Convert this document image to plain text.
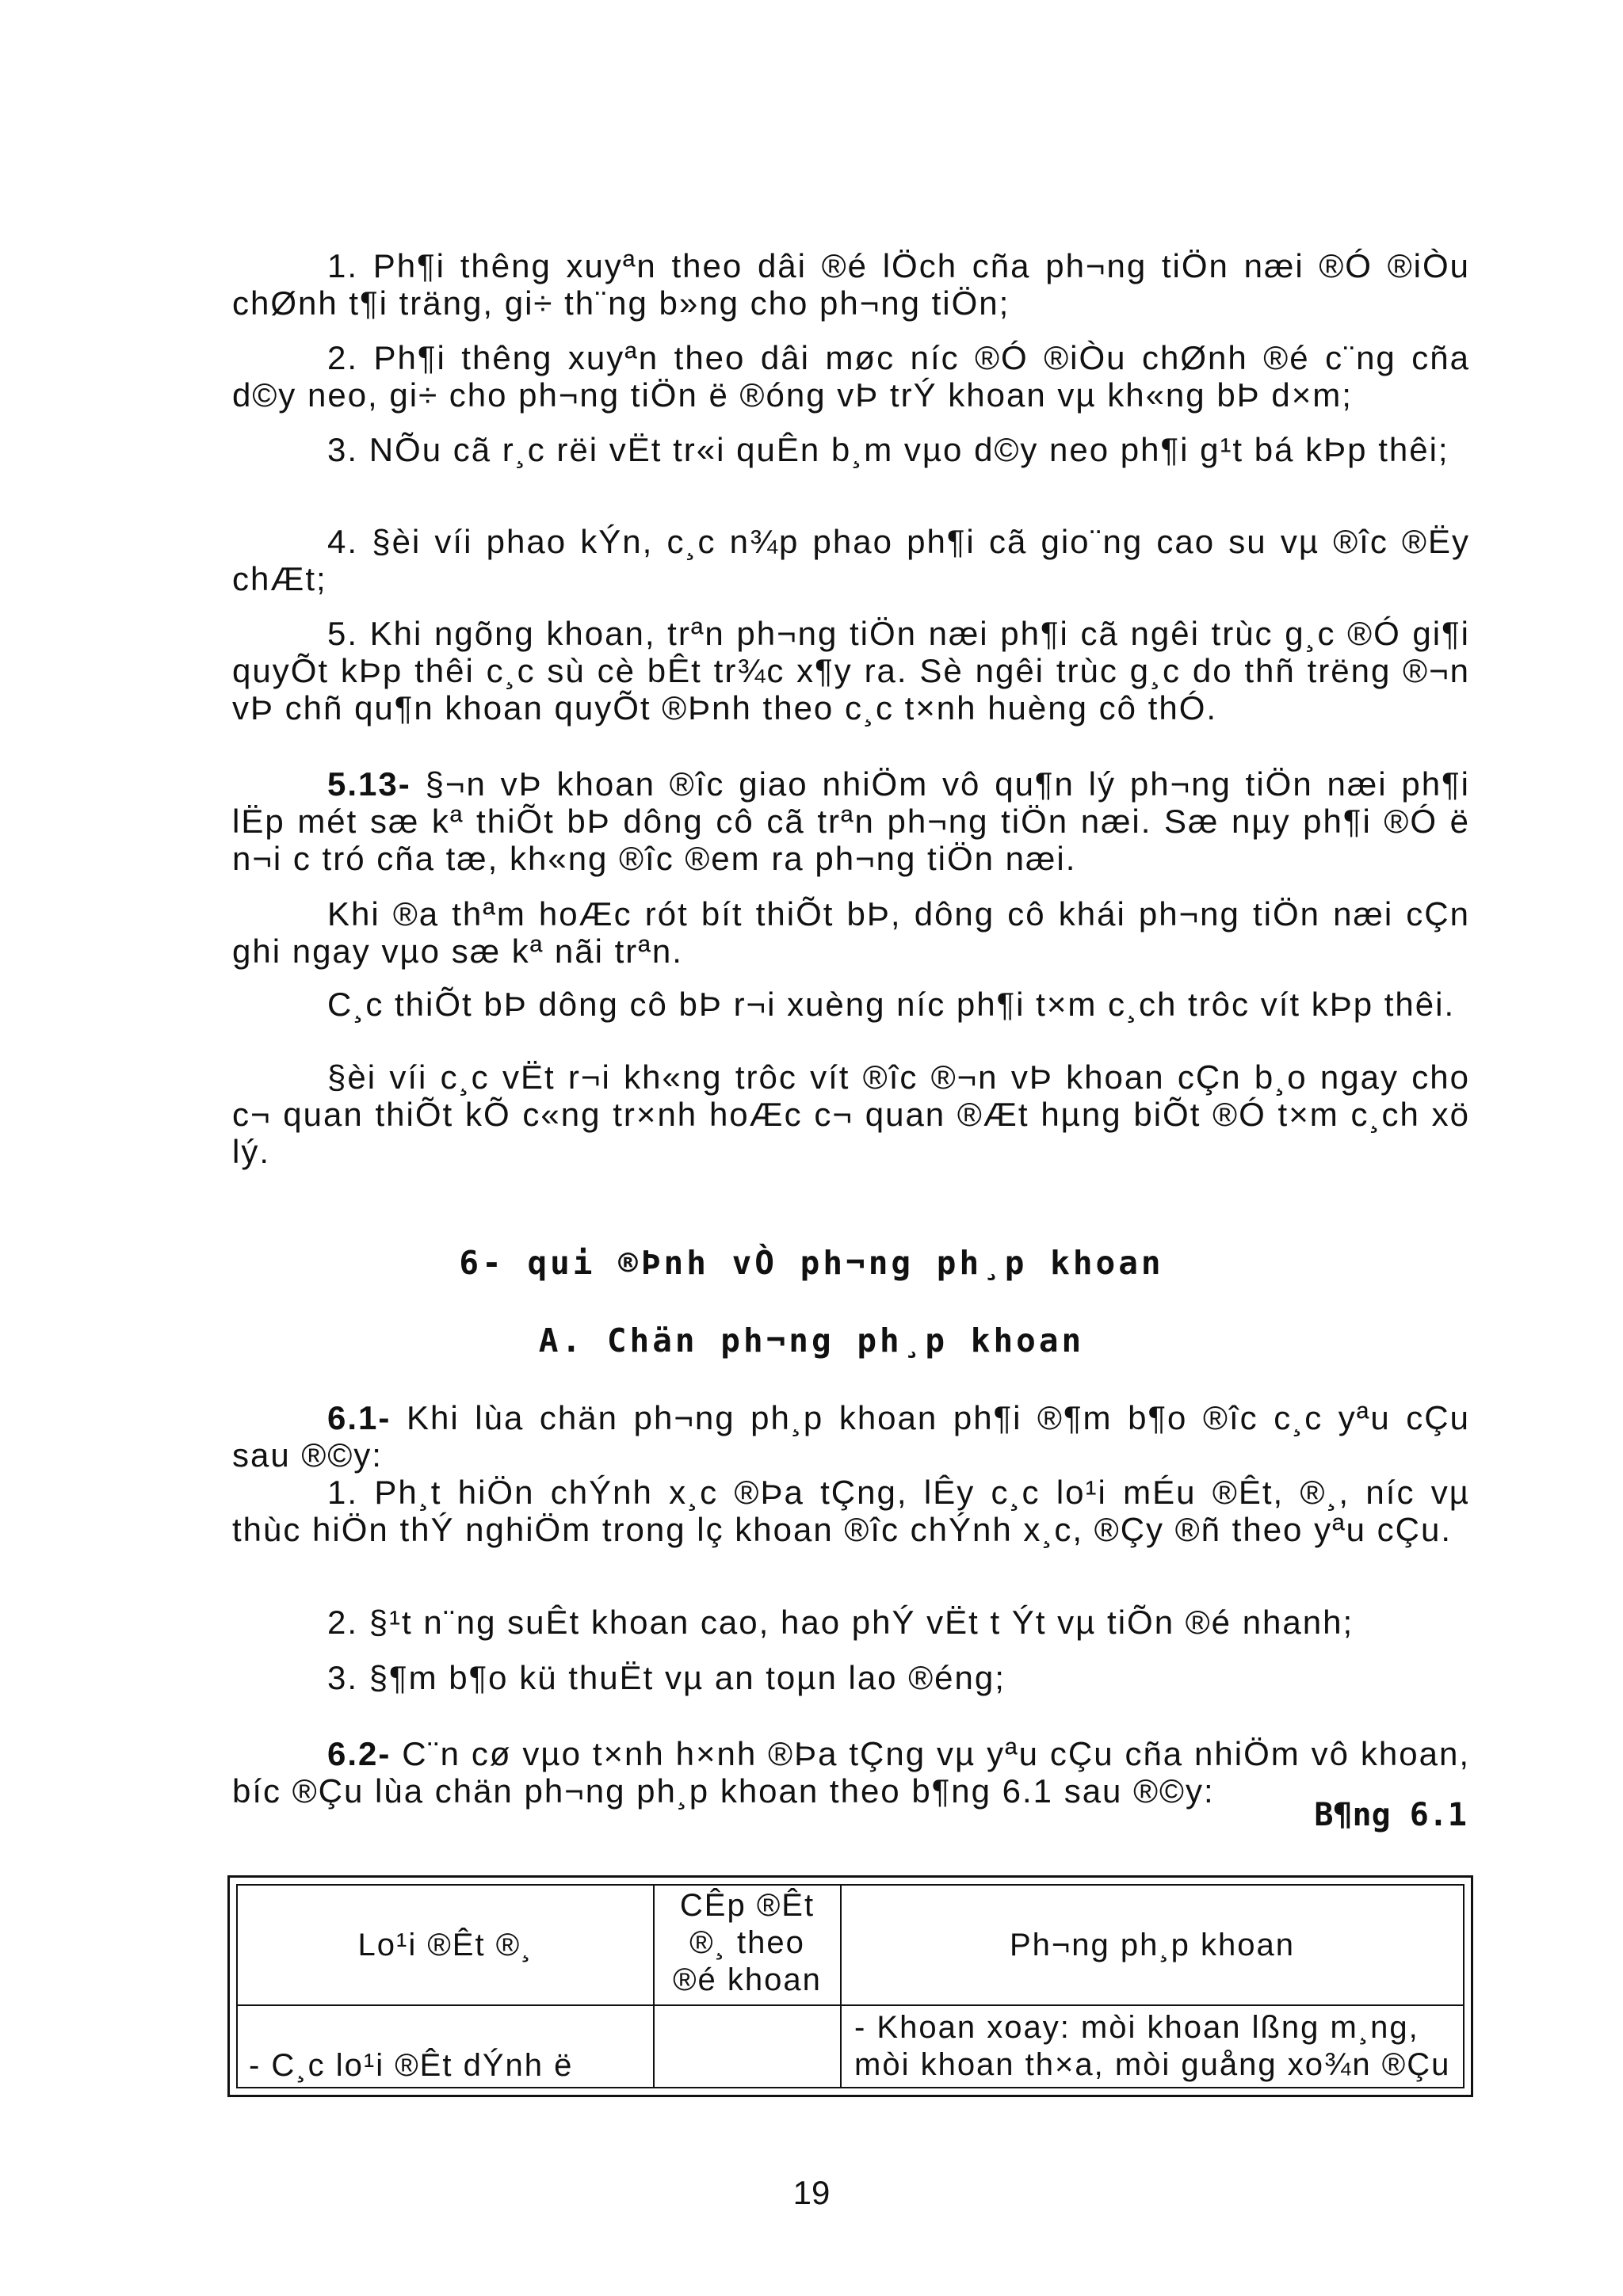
1. Ph¶i thêng xuyªn theo dâi ®é lÖch cña ph¬ng tiÖn næi ®Ó ®iÒu chØnh t¶i träng, gi÷ th¨ng b»ng cho ph¬ng tiÖn;
2. Ph¶i thêng xuyªn theo dâi møc níc ®Ó ®iÒu chØnh ®é c¨ng cña d©y neo, gi÷ cho ph¬ng tiÖn ë ®óng vÞ trÝ khoan vµ kh«ng bÞ d×m;
3. NÕu cã r¸c rëi vËt tr«i quÊn b¸m vµo d©y neo ph¶i g¹t bá kÞp thêi;
4. §èi víi phao kÝn, c¸c n¾p phao ph¶i cã gio¨ng cao su vµ ®îc ®Ëy chÆt;
5. Khi ngõng khoan, trªn ph¬ng tiÖn næi ph¶i cã ngêi trùc g¸c ®Ó gi¶i quyÕt kÞp thêi c¸c sù cè bÊt tr¾c x¶y ra. Sè ngêi trùc g¸c do thñ trëng ®¬n vÞ chñ qu¶n khoan quyÕt ®Þnh theo c¸c t×nh huèng cô thÓ.
5.13- §¬n vÞ khoan ®îc giao nhiÖm vô qu¶n lý ph¬ng tiÖn næi ph¶i lËp mét sæ kª thiÕt bÞ dông cô cã trªn ph¬ng tiÖn næi. Sæ nµy ph¶i ®Ó ë n¬i c tró cña tæ, kh«ng ®îc ®em ra ph¬ng tiÖn næi.
Khi ®a thªm hoÆc rót bít thiÕt bÞ, dông cô khái ph¬ng tiÖn næi cÇn ghi ngay vµo sæ kª nãi trªn.
C¸c thiÕt bÞ dông cô bÞ r¬i xuèng níc ph¶i t×m c¸ch trôc vít kÞp thêi.
§èi víi c¸c vËt r¬i kh«ng trôc vít ®îc ®¬n vÞ khoan cÇn b¸o ngay cho c¬ quan thiÕt kÕ c«ng tr×nh hoÆc c¬ quan ®Æt hµng biÕt ®Ó t×m c¸ch xö lý.
6- qui ®Þnh vÒ ph¬ng ph¸p khoan
A. Chän ph¬ng ph¸p khoan
6.1- Khi lùa chän ph¬ng ph¸p khoan ph¶i ®¶m b¶o ®îc c¸c yªu cÇu sau ®©y:
1. Ph¸t hiÖn chÝnh x¸c ®Þa tÇng, lÊy c¸c lo¹i mÉu ®Êt, ®¸, níc vµ thùc hiÖn thÝ nghiÖm trong lç khoan ®îc chÝnh x¸c, ®Çy ®ñ theo yªu cÇu.
2. §¹t n¨ng suÊt khoan cao, hao phÝ vËt t Ýt vµ tiÕn ®é nhanh;
3. §¶m b¶o kü thuËt vµ an toµn lao ®éng;
6.2- C¨n cø vµo t×nh h×nh ®Þa tÇng vµ yªu cÇu cña nhiÖm vô khoan, bíc ®Çu lùa chän ph¬ng ph¸p khoan theo b¶ng 6.1 sau ®©y:
B¶ng 6.1
Lo¹i ®Êt ®¸
CÊp ®Êt
®¸ theo
®é khoan
Ph¬ng ph¸p khoan
- C¸c lo¹i ®Êt dÝnh ë
- Khoan xoay: mòi khoan lßng m¸ng,
mòi khoan th×a, mòi guång xo¾n ®Çu
19
